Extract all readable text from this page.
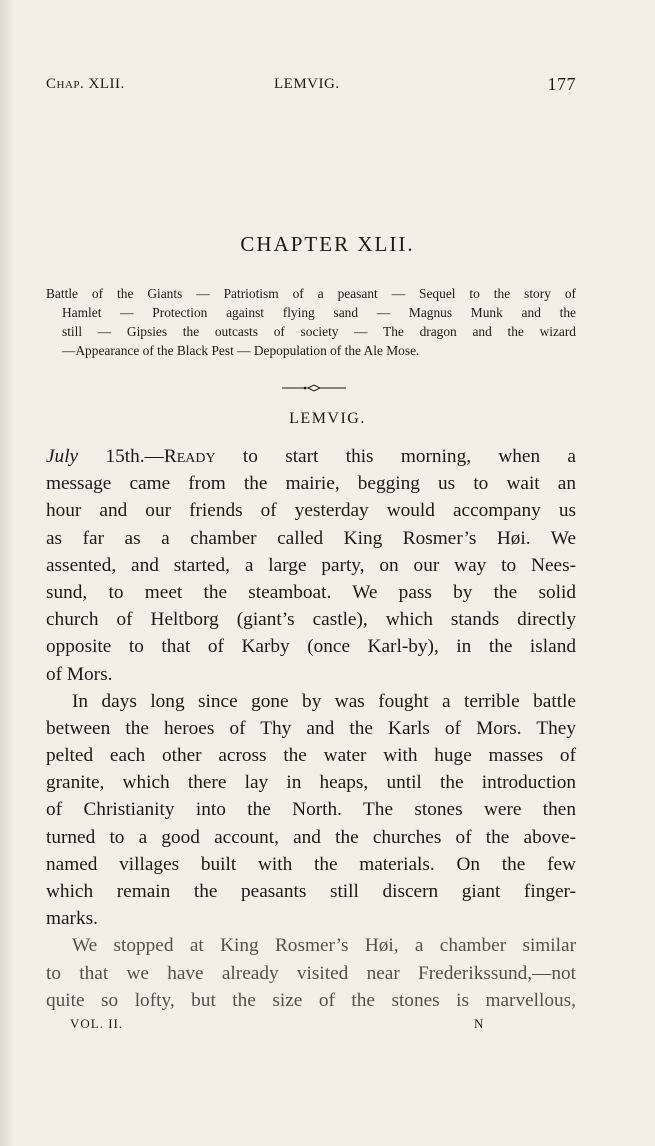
Chap. XLII.	LEMVIG.	177
CHAPTER XLII.
Battle of the Giants — Patriotism of a peasant — Sequel to the story of
Hamlet — Protection against flying sand — Magnus Munk and the
still — Gipsies the outcasts of society — The dragon and the wizard
—Appearance of the Black Pest — Depopulation of the Ale Mose.
LEMVIG.
July 15th.—Ready to start this morning, when a
message came from the mairie, begging us to wait an
hour and our friends of yesterday would accompany us
as far as a chamber called King Rosmer’s Høi. We
assented, and started, a large party, on our way to Nees-
sund, to meet the steamboat. We pass by the solid
church of Heltborg (giant’s castle), which stands directly
opposite to that of Karby (once Karl-by), in the island
of Mors.
In days long since gone by was fought a terrible battle
between the heroes of Thy and the Karls of Mors. They
pelted each other across the water with huge masses of
granite, which there lay in heaps, until the introduction
of Christianity into the North. The stones were then
turned to a good account, and the churches of the above-
named villages built with the materials. On the few
which remain the peasants still discern giant finger-
marks.
We stopped at King Rosmer’s Høi, a chamber similar
to that we have already visited near Frederikssund,—not
quite so lofty, but the size of the stones is marvellous,
VOL. II.	N
